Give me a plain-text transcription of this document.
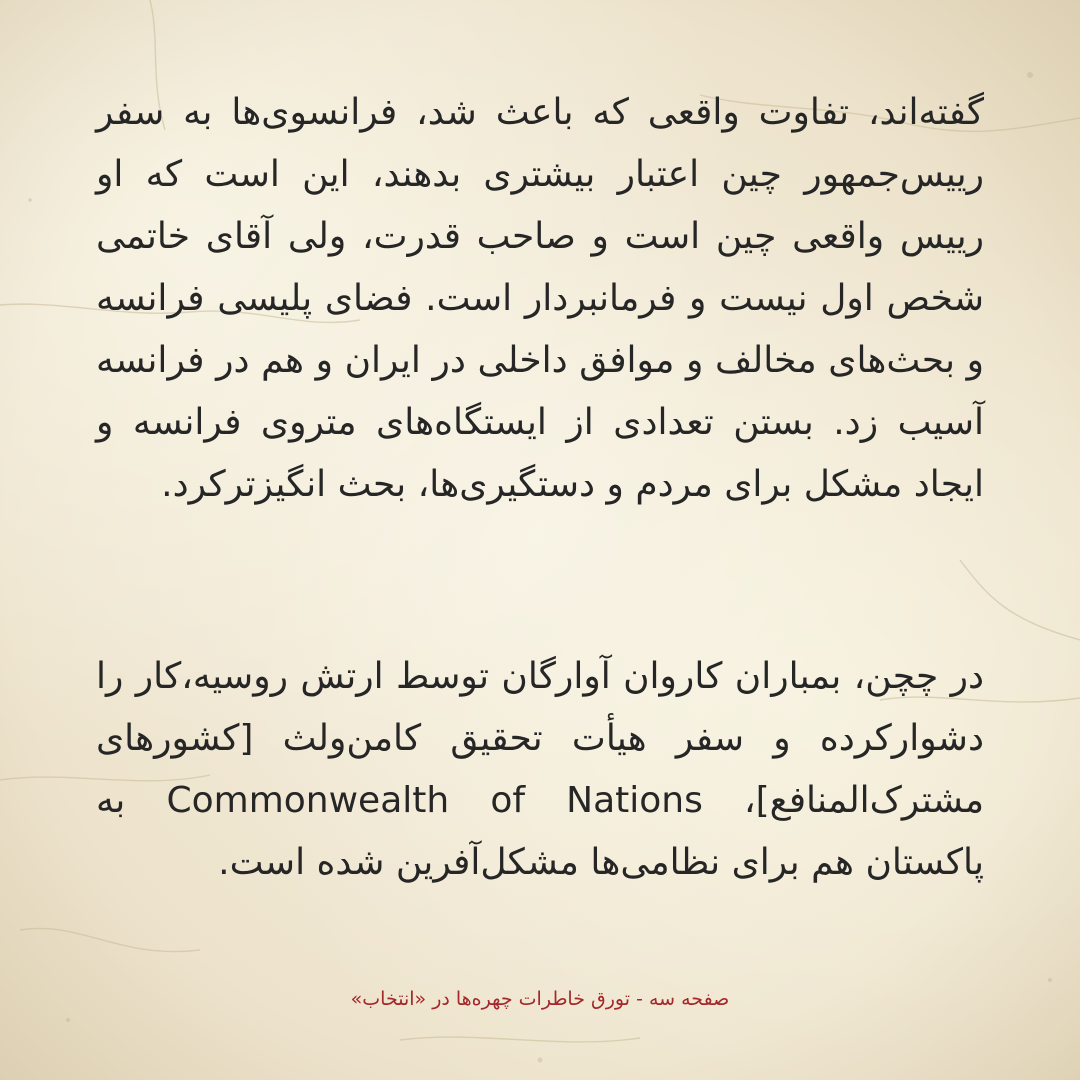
گفته‌اند، تفاوت واقعی که باعث شد، فرانسوی‌ها به سفر رییس‌جمهور چین اعتبار بیشتری بدهند، این است که او رییس واقعی چین است و صاحب قدرت، ولی آقای خاتمی شخص اول نیست و فرمانبردار است. فضای پلیسی فرانسه و بحث‌های مخالف و موافق داخلی در ایران و هم در فرانسه آسیب زد. بستن تعدادی از ایستگاه‌های متروی فرانسه و ایجاد مشکل برای مردم و دستگیری‌ها، بحث انگیزترکرد.

در چچن، بمباران کاروان آوارگان توسط ارتش روسیه،کار را دشوارکرده و سفر هیأت تحقیق کامن‌ولث [کشورهای مشترک‌المنافع]، Commonwealth of Nations به پاکستان هم برای نظامی‌ها مشکل‌آفرین شده است.

صفحه سه - تورق خاطرات چهره‌ها در «انتخاب»
